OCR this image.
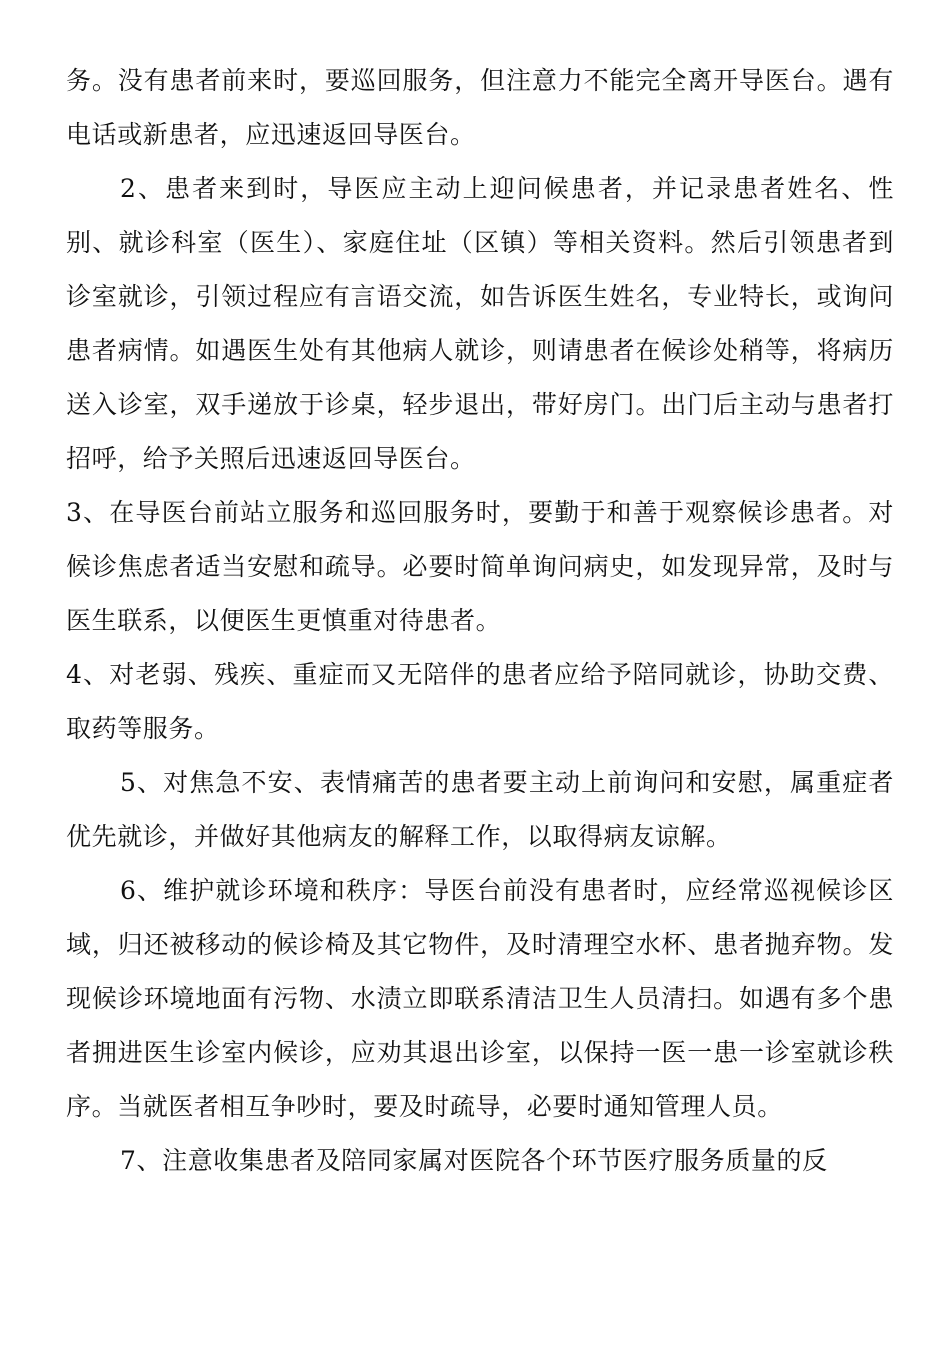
务。没有患者前来时，要巡回服务，但注意力不能完全离开导医台。遇有电话或新患者，应迅速返回导医台。

2、患者来到时，导医应主动上迎问候患者，并记录患者姓名、性别、就诊科室（医生）、家庭住址（区镇）等相关资料。然后引领患者到诊室就诊，引领过程应有言语交流，如告诉医生姓名，专业特长，或询问患者病情。如遇医生处有其他病人就诊，则请患者在候诊处稍等，将病历送入诊室，双手递放于诊桌，轻步退出，带好房门。出门后主动与患者打招呼，给予关照后迅速返回导医台。

3、在导医台前站立服务和巡回服务时，要勤于和善于观察候诊患者。对候诊焦虑者适当安慰和疏导。必要时简单询问病史，如发现异常，及时与医生联系，以便医生更慎重对待患者。

4、对老弱、残疾、重症而又无陪伴的患者应给予陪同就诊，协助交费、取药等服务。

5、对焦急不安、表情痛苦的患者要主动上前询问和安慰，属重症者优先就诊，并做好其他病友的解释工作，以取得病友谅解。

6、维护就诊环境和秩序：导医台前没有患者时，应经常巡视候诊区域，归还被移动的候诊椅及其它物件，及时清理空水杯、患者抛弃物。发现候诊环境地面有污物、水渍立即联系清洁卫生人员清扫。如遇有多个患者拥进医生诊室内候诊，应劝其退出诊室，以保持一医一患一诊室就诊秩序。当就医者相互争吵时，要及时疏导，必要时通知管理人员。

7、注意收集患者及陪同家属对医院各个环节医疗服务质量的反
